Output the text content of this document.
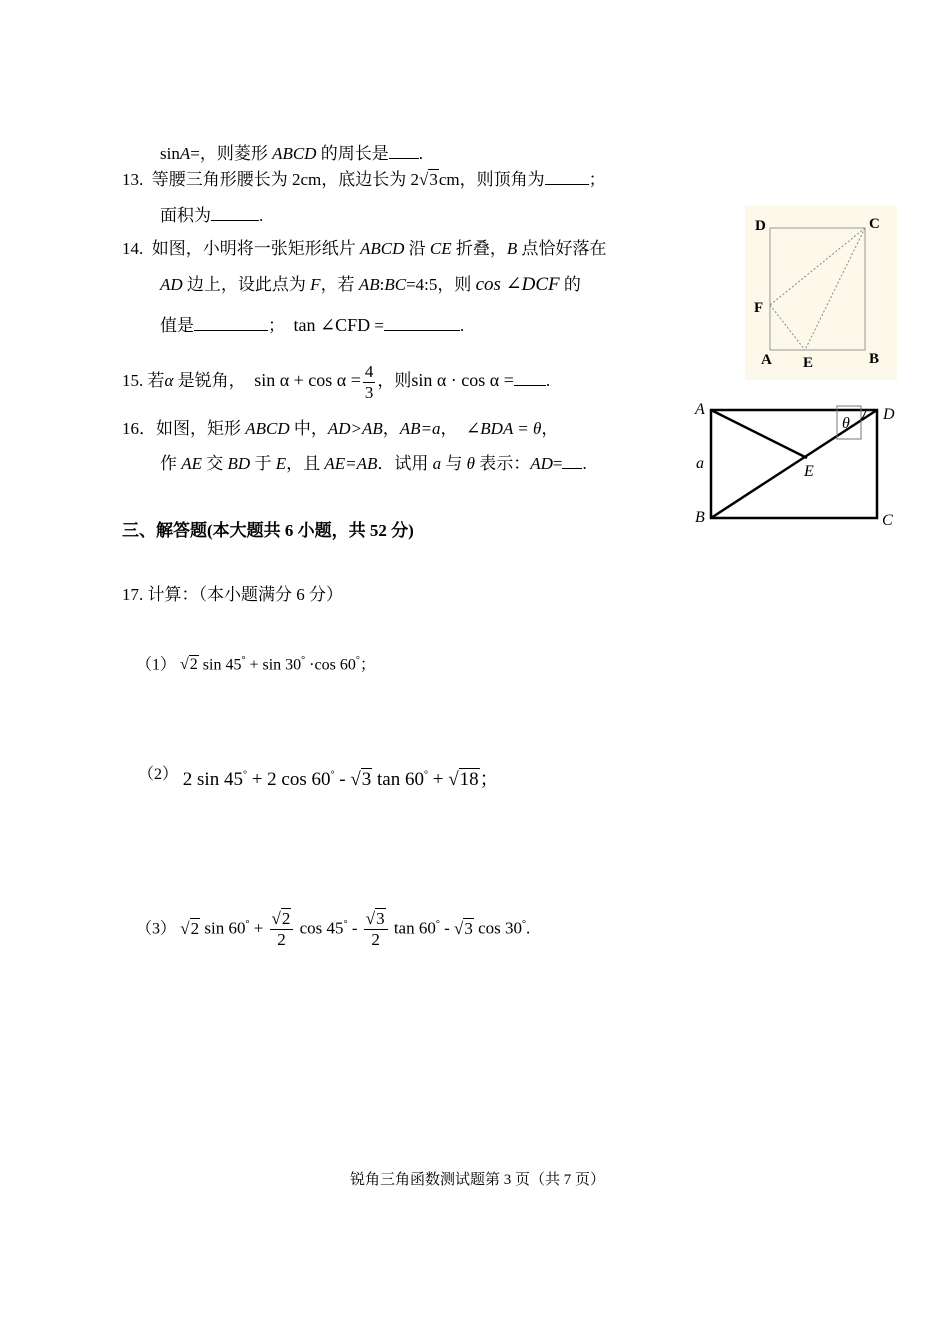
sinA=，则菱形 ABCD 的周长是 .
13. 等腰三角形腰长为 2cm，底边长为 2√3cm，则顶角为	；
面积为	.
14. 如图，小明将一张矩形纸片 ABCD 沿 CE 折叠，B 点恰好落在
AD 边上，设此点为 F，若 AB:BC=4:5，则 cos ∠DCF 的
值是	； tan ∠CFD =	.
15. 若α 是锐角， $\sin \alpha + \cos \alpha = \frac{4}{3}$ ，则sin α · cos α = .
16．如图，矩形 ABCD 中，AD>AB，AB=a， ∠BDA = θ，
作 AE 交 BD 于 E，且 AE=AB．试用 a 与 θ 表示：AD= .
三、解答题(本大题共 6 小题，共 52 分)
17. 计算：（本小题满分 6 分）
（1） √2 sin 45° + sin 30° ·cos 60°；
$^{(2)}$ 2 sin 45° + 2 cos 60° - √3 tan 60° + √18；
（3） √2 $\sin 60^\circ + \frac{√2}{2}$ $\cos 45^\circ - \frac{√3}{2}$ tan 60° - √3 cos 30°.
D	C
F
A E	B
A	D
a	E
B	C
θ
锐角三角函数测试题第 3 页（共 7 页）
